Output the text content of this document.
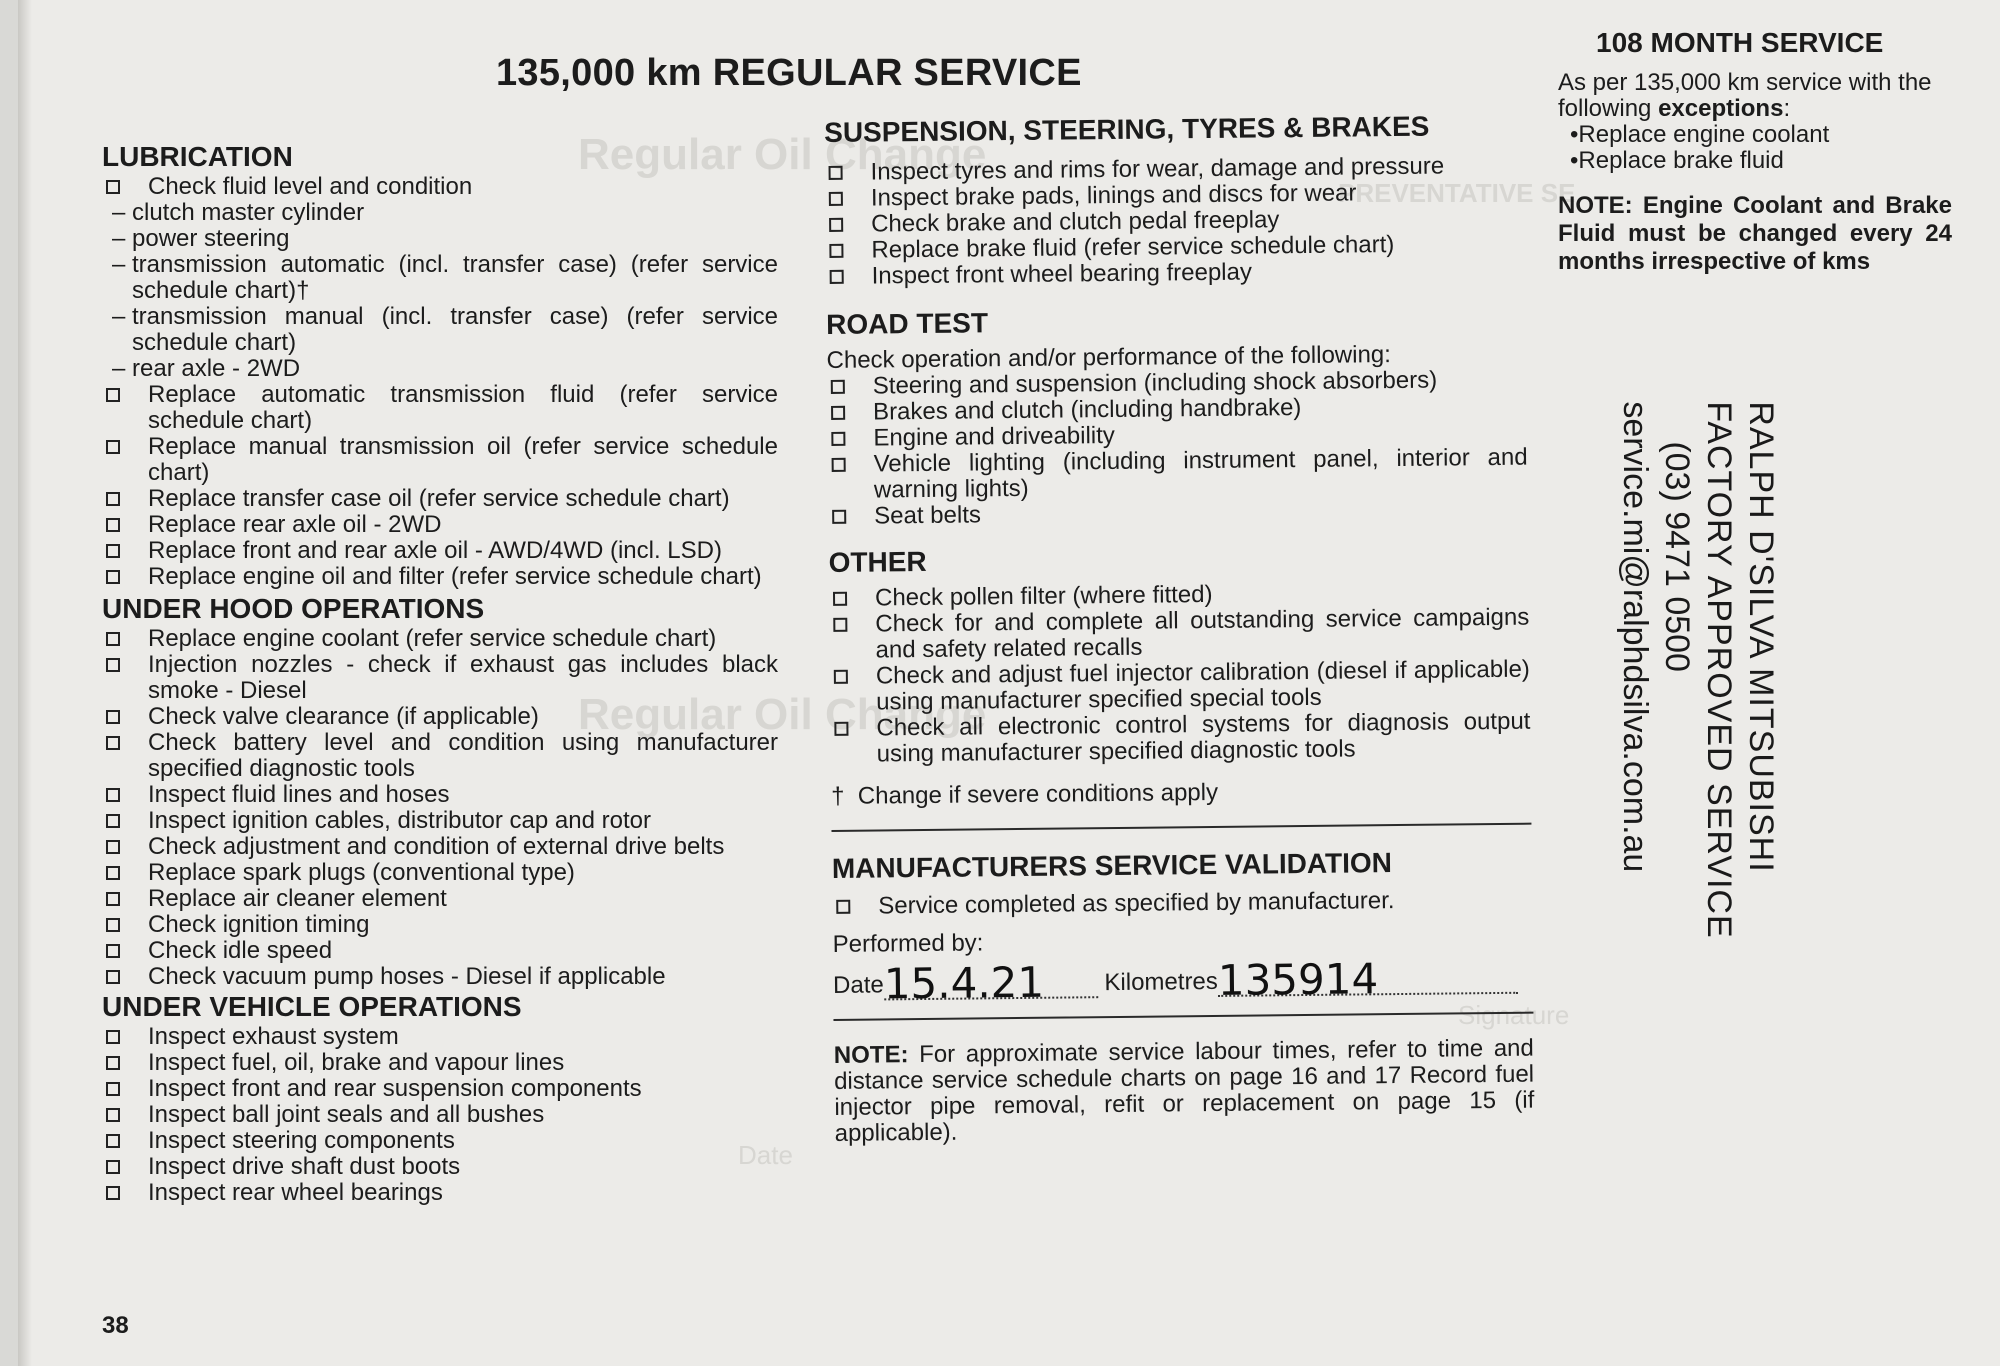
Regular Oil Change
Regular Oil Change
PREVENTATIVE SE
Signature
Date
135,000 km REGULAR SERVICE
LUBRICATION
Check fluid level and condition
– clutch master cylinder
– power steering
– transmission automatic (incl. transfer case) (refer service schedule chart)†
– transmission manual (incl. transfer case) (refer service schedule chart)
– rear axle - 2WD
Replace automatic transmission fluid (refer service schedule chart)
Replace manual transmission oil (refer service schedule chart)
Replace transfer case oil (refer service schedule chart)
Replace rear axle oil - 2WD
Replace front and rear axle oil - AWD/4WD (incl. LSD)
Replace engine oil and filter (refer service schedule chart)
UNDER HOOD OPERATIONS
Replace engine coolant (refer service schedule chart)
Injection nozzles - check if exhaust gas includes black smoke - Diesel
Check valve clearance (if applicable)
Check battery level and condition using manufacturer specified diagnostic tools
Inspect fluid lines and hoses
Inspect ignition cables, distributor cap and rotor
Check adjustment and condition of external drive belts
Replace spark plugs (conventional type)
Replace air cleaner element
Check ignition timing
Check idle speed
Check vacuum pump hoses - Diesel if applicable
UNDER VEHICLE OPERATIONS
Inspect exhaust system
Inspect fuel, oil, brake and vapour lines
Inspect front and rear suspension components
Inspect ball joint seals and all bushes
Inspect steering components
Inspect drive shaft dust boots
Inspect rear wheel bearings
SUSPENSION, STEERING, TYRES & BRAKES
Inspect tyres and rims for wear, damage and pressure
Inspect brake pads, linings and discs for wear
Check brake and clutch pedal freeplay
Replace brake fluid (refer service schedule chart)
Inspect front wheel bearing freeplay
ROAD TEST
Check operation and/or performance of the following:
Steering and suspension (including shock absorbers)
Brakes and clutch (including handbrake)
Engine and driveability
Vehicle lighting (including instrument panel, interior and warning lights)
Seat belts
OTHER
Check pollen filter (where fitted)
Check for and complete all outstanding service campaigns and safety related recalls
Check and adjust fuel injector calibration (diesel if applicable) using manufacturer specified special tools
Check all electronic control systems for diagnosis output using manufacturer specified diagnostic tools
† Change if severe conditions apply
MANUFACTURERS SERVICE VALIDATION
Service completed as specified by manufacturer.
Performed by:
Date15.4.21 Kilometres135914
NOTE: For approximate service labour times, refer to time and distance service schedule charts on page 16 and 17 Record fuel injector pipe removal, refit or replacement on page 15 (if applicable).
108 MONTH SERVICE
As per 135,000 km service with the following exceptions:
•Replace engine coolant
•Replace brake fluid
NOTE: Engine Coolant and Brake Fluid must be changed every 24 months irrespective of kms
RALPH D'SILVA MITSUBISHI
FACTORY APPROVED SERVICE
(03) 9471 0500
service.mi@ralphdsilva.com.au
38
